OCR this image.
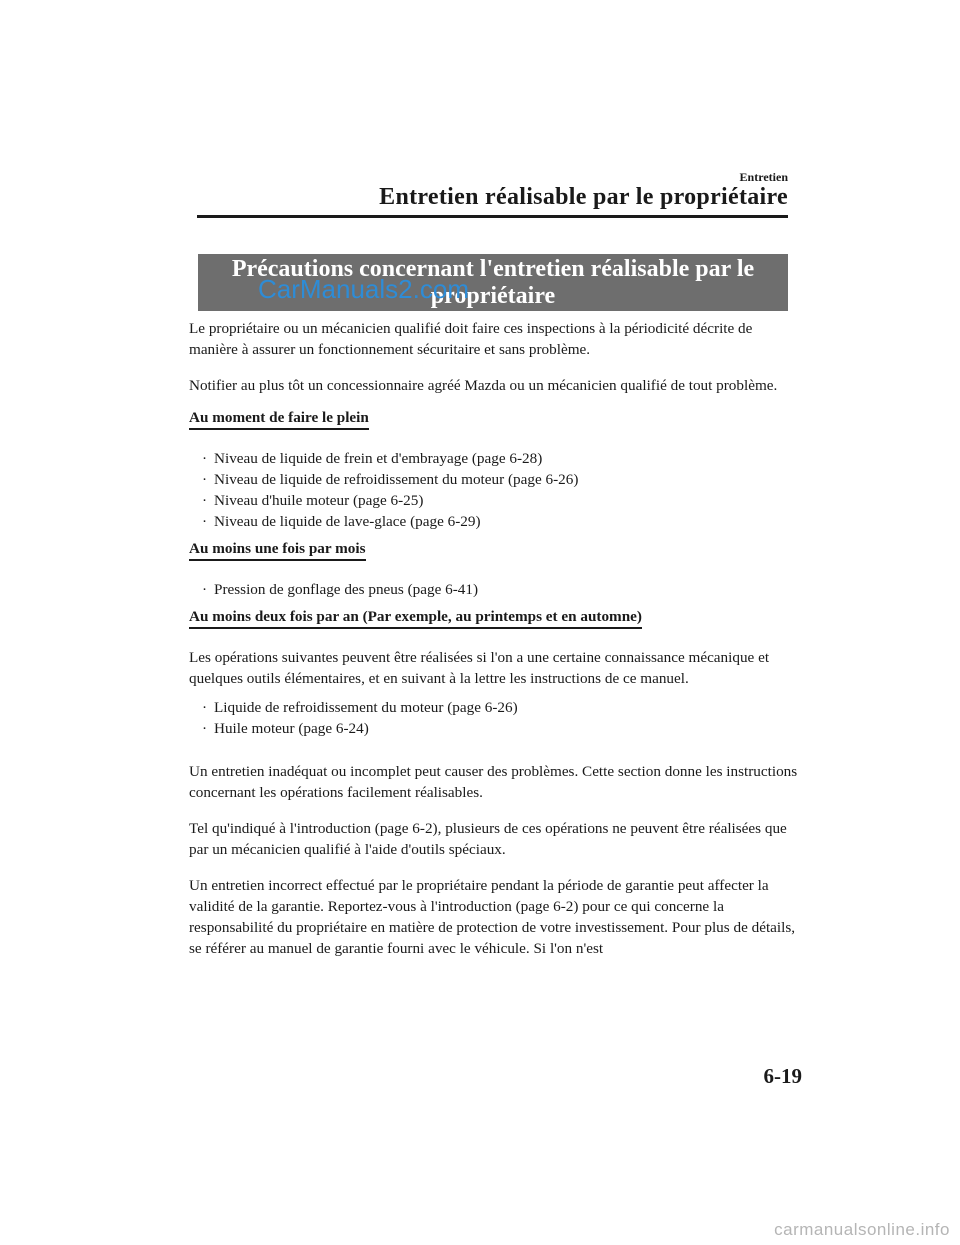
Entretien
Entretien réalisable par le propriétaire
Précautions concernant l'entretien réalisable par le
propriétaire
CarManuals2.com

Le propriétaire ou un mécanicien qualifié doit faire ces inspections à la périodicité décrite de manière à assurer un fonctionnement sécuritaire et sans problème.

Notifier au plus tôt un concessionnaire agréé Mazda ou un mécanicien qualifié de tout problème.

Au moment de faire le plein
· Niveau de liquide de frein et d'embrayage (page 6-28)
· Niveau de liquide de refroidissement du moteur (page 6-26)
· Niveau d'huile moteur (page 6-25)
· Niveau de liquide de lave-glace (page 6-29)
Au moins une fois par mois
· Pression de gonflage des pneus (page 6-41)
Au moins deux fois par an (Par exemple, au printemps et en automne)

Les opérations suivantes peuvent être réalisées si l'on a une certaine connaissance mécanique et quelques outils élémentaires, et en suivant à la lettre les instructions de ce manuel.

· Liquide de refroidissement du moteur (page 6-26)
· Huile moteur (page 6-24)

Un entretien inadéquat ou incomplet peut causer des problèmes. Cette section donne les instructions concernant les opérations facilement réalisables.

Tel qu'indiqué à l'introduction (page 6-2), plusieurs de ces opérations ne peuvent être réalisées que par un mécanicien qualifié à l'aide d'outils spéciaux.

Un entretien incorrect effectué par le propriétaire pendant la période de garantie peut affecter la validité de la garantie. Reportez-vous à l'introduction (page 6-2) pour ce qui concerne la responsabilité du propriétaire en matière de protection de votre investissement. Pour plus de détails, se référer au manuel de garantie fourni avec le véhicule. Si l'on n'est

6-19
carmanualsonline.info
